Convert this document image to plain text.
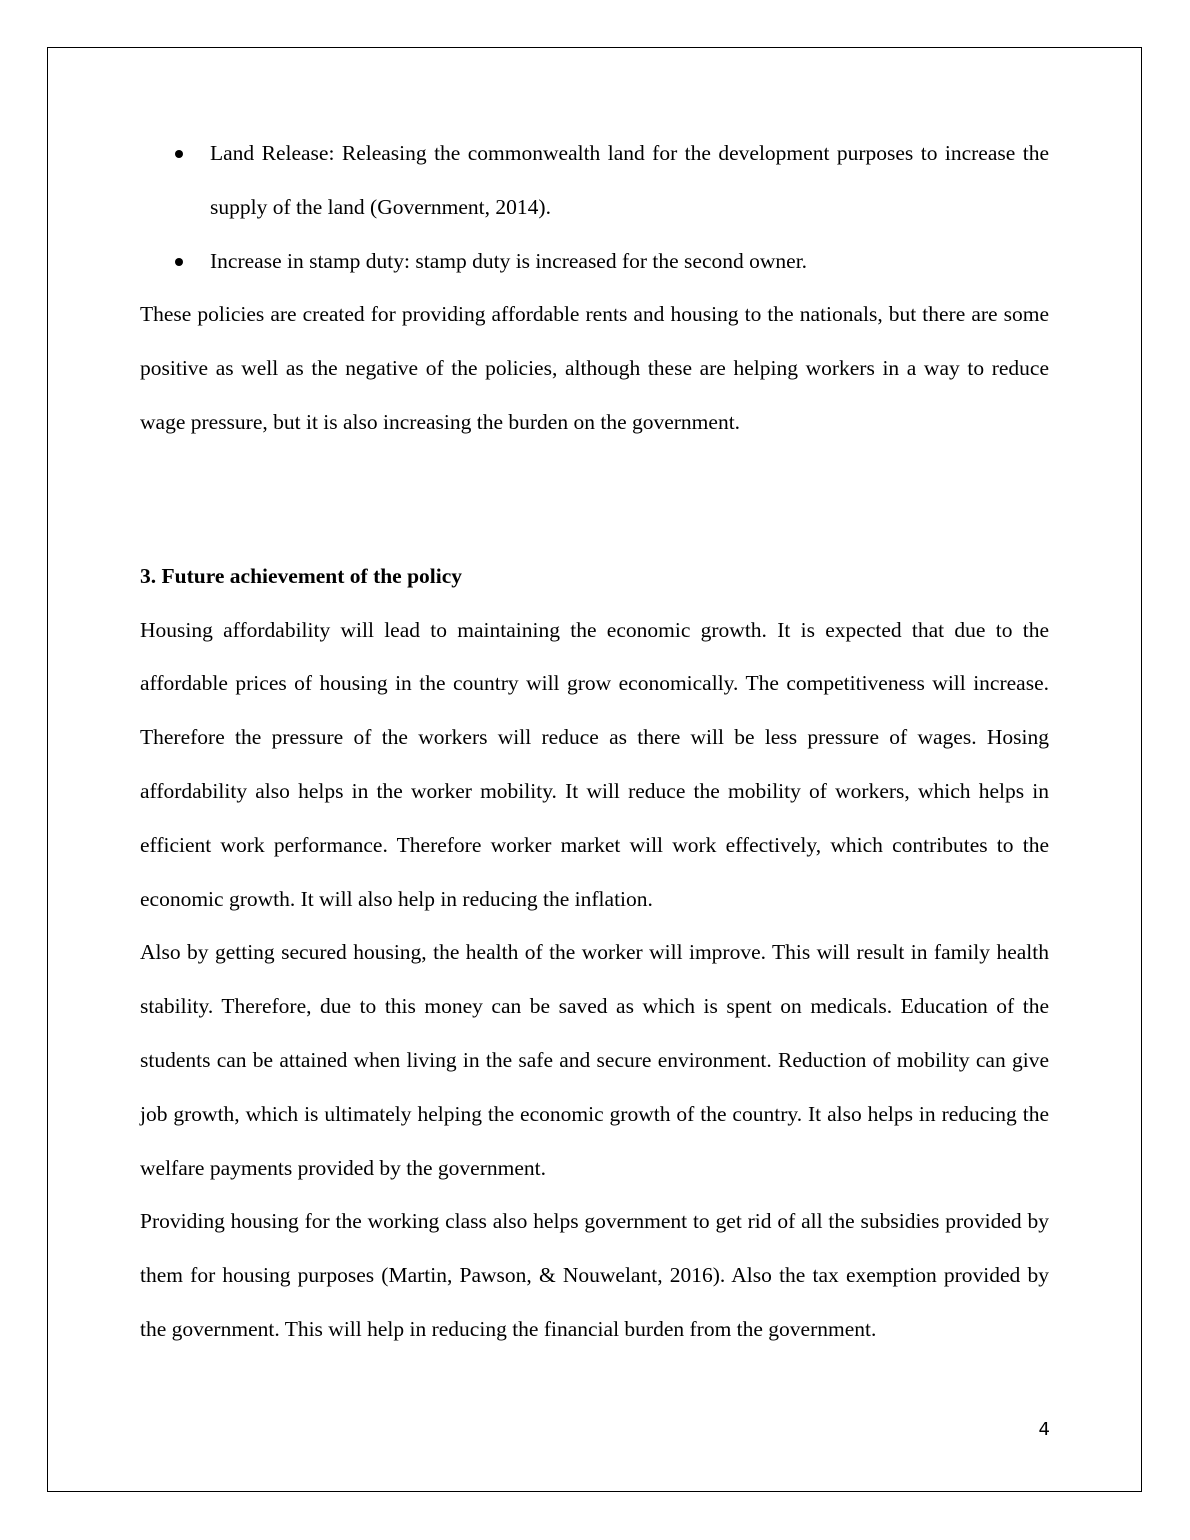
Land Release: Releasing the commonwealth land for the development purposes to increase the supply of the land (Government, 2014).
Increase in stamp duty: stamp duty is increased for the second owner.

These policies are created for providing affordable rents and housing to the nationals, but there are some positive as well as the negative of the policies, although these are helping workers in a way to reduce wage pressure, but it is also increasing the burden on the government.

3. Future achievement of the policy

Housing affordability will lead to maintaining the economic growth. It is expected that due to the affordable prices of housing in the country will grow economically. The competitiveness will increase. Therefore the pressure of the workers will reduce as there will be less pressure of wages. Hosing affordability also helps in the worker mobility. It will reduce the mobility of workers, which helps in efficient work performance. Therefore worker market will work effectively, which contributes to the economic growth. It will also help in reducing the inflation.

Also by getting secured housing, the health of the worker will improve. This will result in family health stability. Therefore, due to this money can be saved as which is spent on medicals. Education of the students can be attained when living in the safe and secure environment. Reduction of mobility can give job growth, which is ultimately helping the economic growth of the country. It also helps in reducing the welfare payments provided by the government.

Providing housing for the working class also helps government to get rid of all the subsidies provided by them for housing purposes (Martin, Pawson, & Nouwelant, 2016). Also the tax exemption provided by the government. This will help in reducing the financial burden from the government.

4
